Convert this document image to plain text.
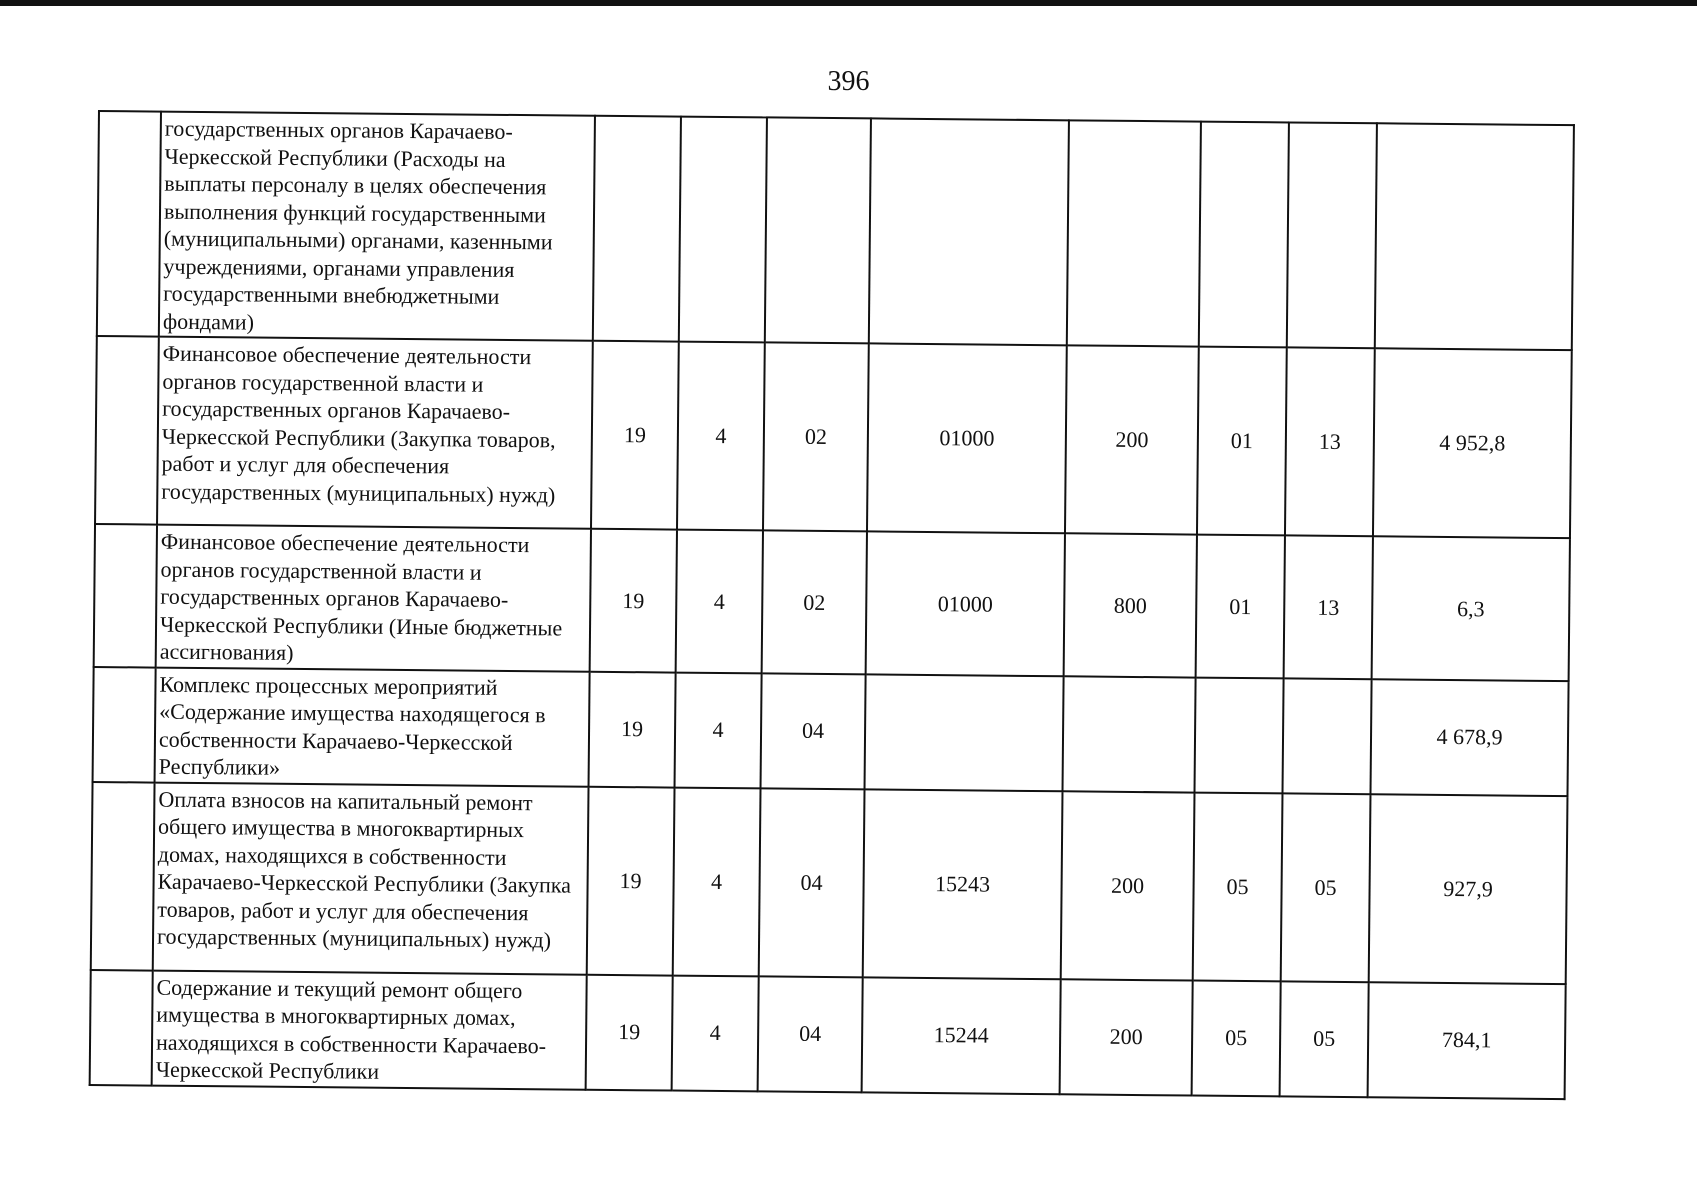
396
	государственных органов Карачаево-Черкесской Республики (Расходы на выплаты персоналу в целях обеспечения выполнения функций государственными (муниципальными) органами, казенными учреждениями, органами управления государственными внебюджетными фондами)								
	Финансовое обеспечение деятельности органов государственной власти и государственных органов Карачаево-Черкесской Республики (Закупка товаров, работ и услуг для обеспечения государственных (муниципальных) нужд)	19	4	02	01000	200	01	13	4 952,8
	Финансовое обеспечение деятельности органов государственной власти и государственных органов Карачаево-Черкесской Республики (Иные бюджетные ассигнования)	19	4	02	01000	800	01	13	6,3
	Комплекс процессных мероприятий «Содержание имущества находящегося в собственности Карачаево-Черкесской Республики»	19	4	04					4 678,9
	Оплата взносов на капитальный ремонт общего имущества в многоквартирных домах, находящихся в собственности Карачаево-Черкесской Республики (Закупка товаров, работ и услуг для обеспечения государственных (муниципальных) нужд)	19	4	04	15243	200	05	05	927,9
	Содержание и текущий ремонт общего имущества в многоквартирных домах, находящихся в собственности Карачаево-Черкесской Республики	19	4	04	15244	200	05	05	784,1
